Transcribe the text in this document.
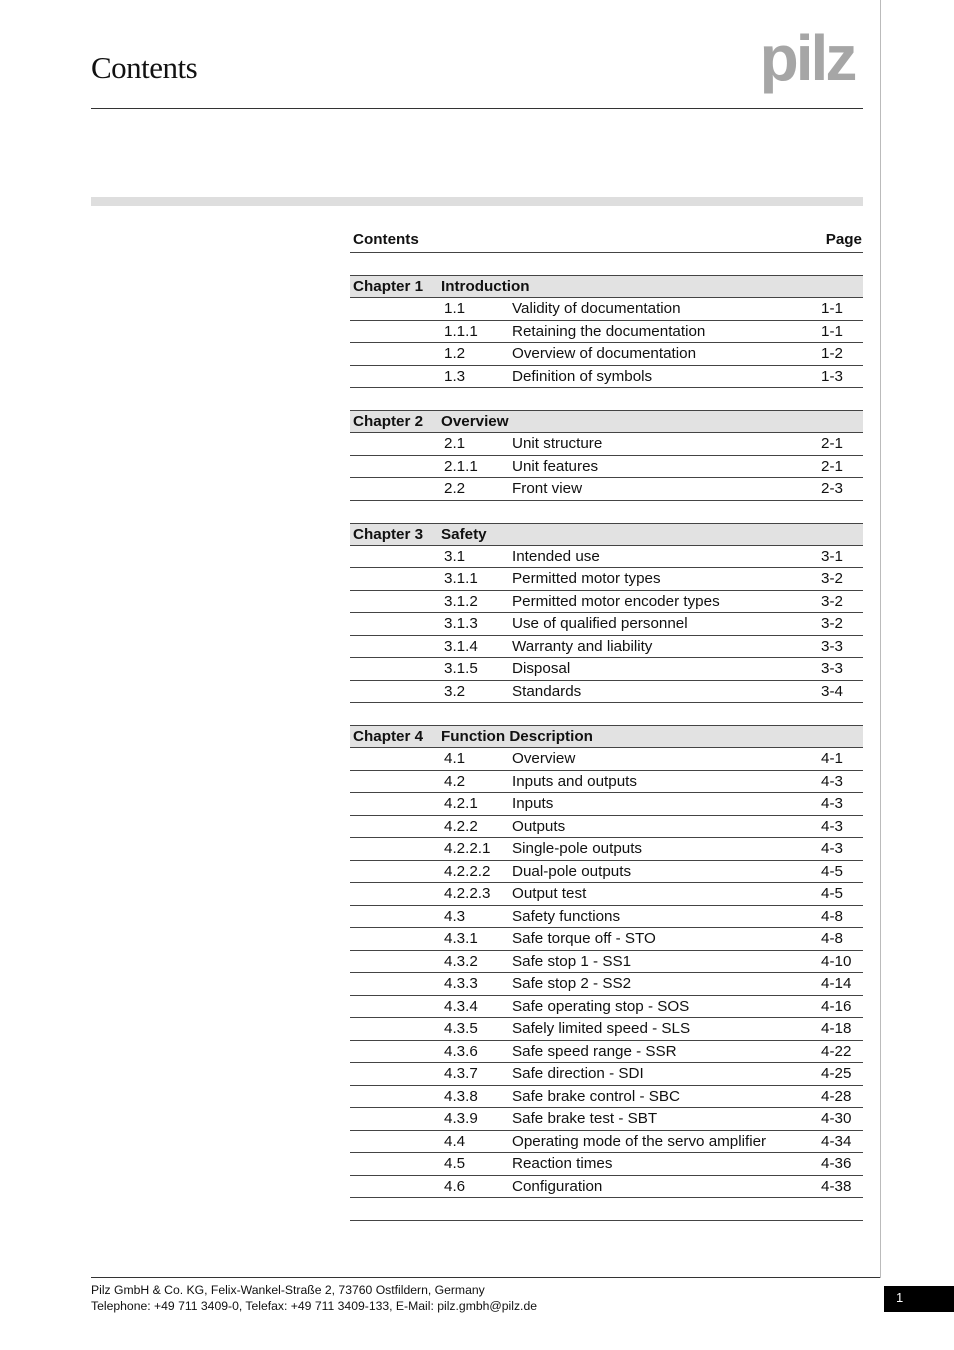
Contents	pilz
Contents	Page
Chapter 1	Introduction
1.1	Validity of documentation	1-1
1.1.1	Retaining the documentation	1-1
1.2	Overview of documentation	1-2
1.3	Definition of symbols	1-3
Chapter 2	Overview
2.1	Unit structure	2-1
2.1.1	Unit features	2-1
2.2	Front view	2-3
Chapter 3	Safety
3.1	Intended use	3-1
3.1.1	Permitted motor types	3-2
3.1.2	Permitted motor encoder types	3-2
3.1.3	Use of qualified personnel	3-2
3.1.4	Warranty and liability	3-3
3.1.5	Disposal	3-3
3.2	Standards	3-4
Chapter 4	Function Description
4.1	Overview	4-1
4.2	Inputs and outputs	4-3
4.2.1	Inputs	4-3
4.2.2	Outputs	4-3
4.2.2.1	Single-pole outputs	4-3
4.2.2.2	Dual-pole outputs	4-5
4.2.2.3	Output test	4-5
4.3	Safety functions	4-8
4.3.1	Safe torque off - STO	4-8
4.3.2	Safe stop 1 - SS1	4-10
4.3.3	Safe stop 2 - SS2	4-14
4.3.4	Safe operating stop - SOS	4-16
4.3.5	Safely limited speed - SLS	4-18
4.3.6	Safe speed range - SSR	4-22
4.3.7	Safe direction - SDI	4-25
4.3.8	Safe brake control - SBC	4-28
4.3.9	Safe brake test - SBT	4-30
4.4	Operating mode of the servo amplifier	4-34
4.5	Reaction times	4-36
4.6	Configuration	4-38
Pilz GmbH & Co. KG, Felix-Wankel-Straße 2, 73760 Ostfildern, Germany
Telephone: +49 711 3409-0, Telefax: +49 711 3409-133, E-Mail: pilz.gmbh@pilz.de
1
